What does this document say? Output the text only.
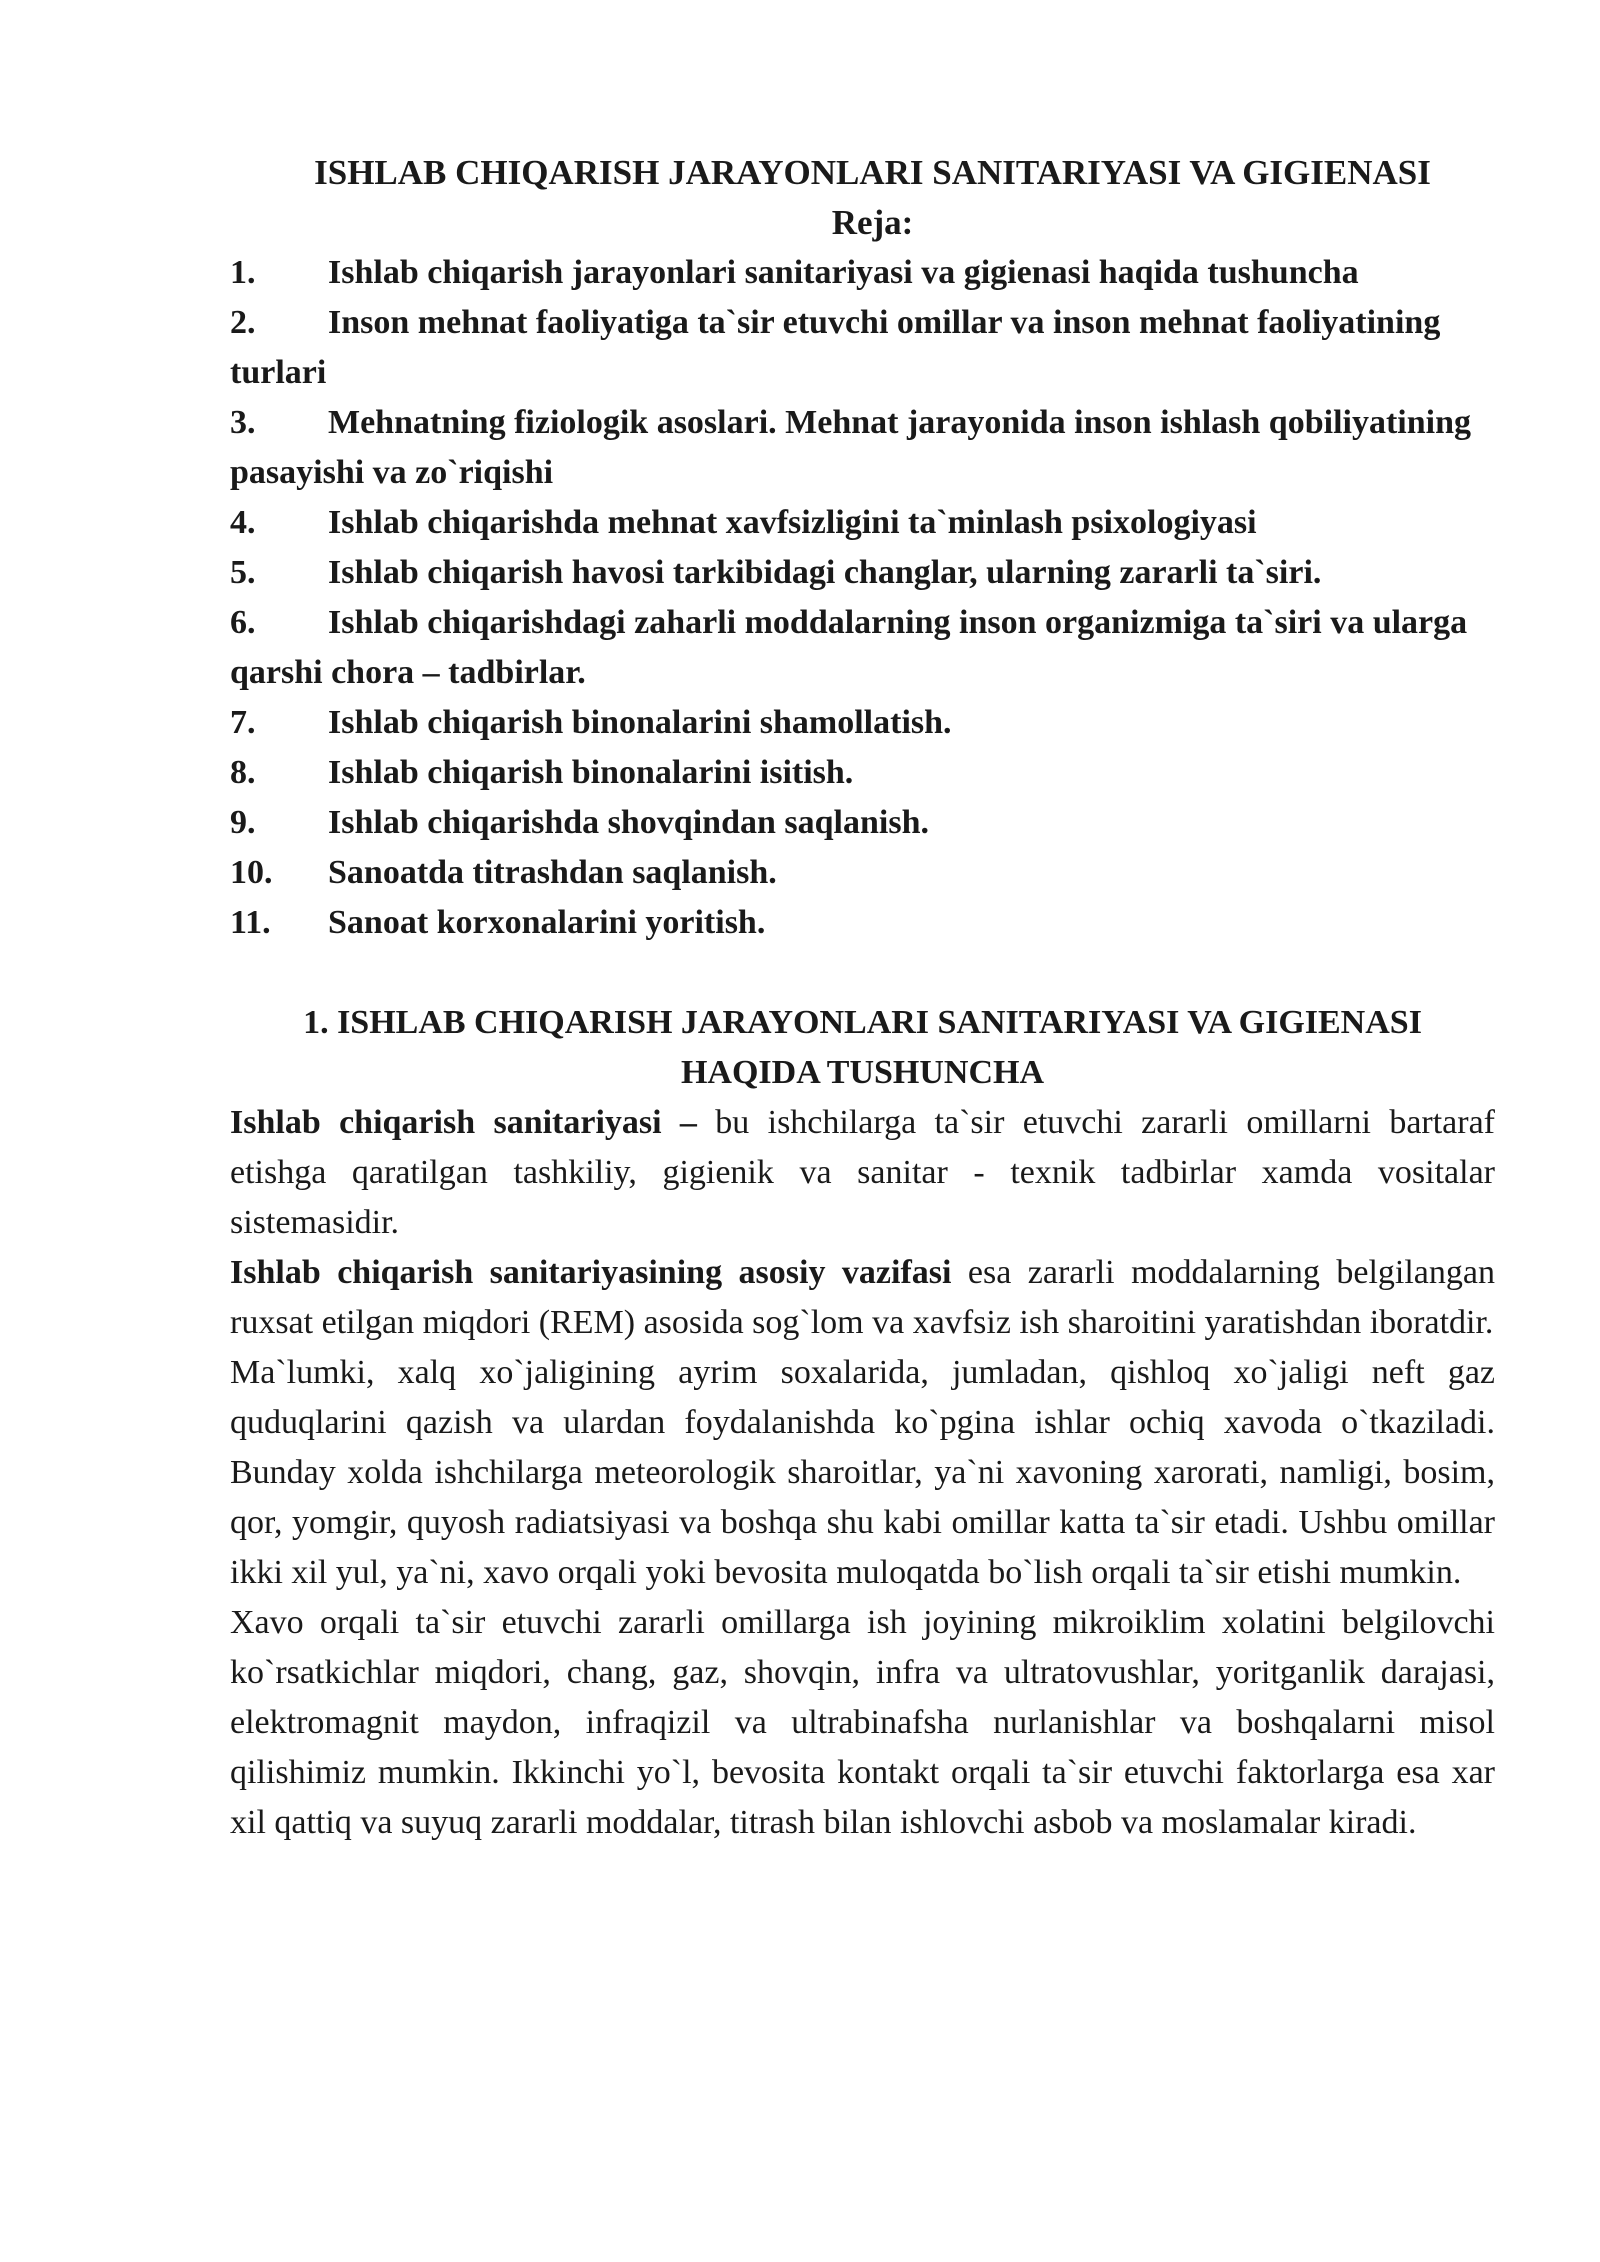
ISHLAB CHIQARISH JARAYONLARI SANITARIYASI VA GIGIENASI
Reja:
1. Ishlab chiqarish jarayonlari sanitariyasi va gigienasi haqida tushuncha
2. Inson mehnat faoliyatiga ta`sir etuvchi omillar va inson mehnat faoliyatining turlari
3. Mehnatning fiziologik asoslari. Mehnat jarayonida inson ishlash qobiliyatining pasayishi va zo`riqishi
4. Ishlab chiqarishda mehnat xavfsizligini ta`minlash psixologiyasi
5. Ishlab chiqarish havosi tarkibidagi changlar, ularning zararli ta`siri.
6. Ishlab chiqarishdagi zaharli moddalarning inson organizmiga ta`siri va ularga qarshi chora – tadbirlar.
7. Ishlab chiqarish binonalarini shamollatish.
8. Ishlab chiqarish binonalarini isitish.
9. Ishlab chiqarishda shovqindan saqlanish.
10. Sanoatda titrashdan saqlanish.
11. Sanoat korxonalarini yoritish.
1. ISHLAB CHIQARISH JARAYONLARI SANITARIYASI VA GIGIENASI
HAQIDA TUSHUNCHA

Ishlab chiqarish sanitariyasi – bu ishchilarga ta`sir etuvchi zararli omillarni bartaraf etishga qaratilgan tashkiliy, gigienik va sanitar - texnik tadbirlar xamda vositalar sistemasidir.

Ishlab chiqarish sanitariyasining asosiy vazifasi esa zararli moddalarning belgilangan ruxsat etilgan miqdori (REM) asosida sog`lom va xavfsiz ish sharoitini yaratishdan iboratdir.

Ma`lumki, xalq xo`jaligining ayrim soxalarida, jumladan, qishloq xo`jaligi neft gaz quduqlarini qazish va ulardan foydalanishda ko`pgina ishlar ochiq xavoda o`tkaziladi. Bunday xolda ishchilarga meteorologik sharoitlar, ya`ni xavoning xarorati, namligi, bosim, qor, yomgir, quyosh radiatsiyasi va boshqa shu kabi omillar katta ta`sir etadi. Ushbu omillar ikki xil yul, ya`ni, xavo orqali yoki bevosita muloqatda bo`lish orqali ta`sir etishi mumkin.

Xavo orqali ta`sir etuvchi zararli omillarga ish joyining mikroiklim xolatini belgilovchi ko`rsatkichlar miqdori, chang, gaz, shovqin, infra va ultratovushlar, yoritganlik darajasi, elektromagnit maydon, infraqizil va ultrabinafsha nurlanishlar va boshqalarni misol qilishimiz mumkin. Ikkinchi yo`l, bevosita kontakt orqali ta`sir etuvchi faktorlarga esa xar xil qattiq va suyuq zararli moddalar, titrash bilan ishlovchi asbob va moslamalar kiradi.
